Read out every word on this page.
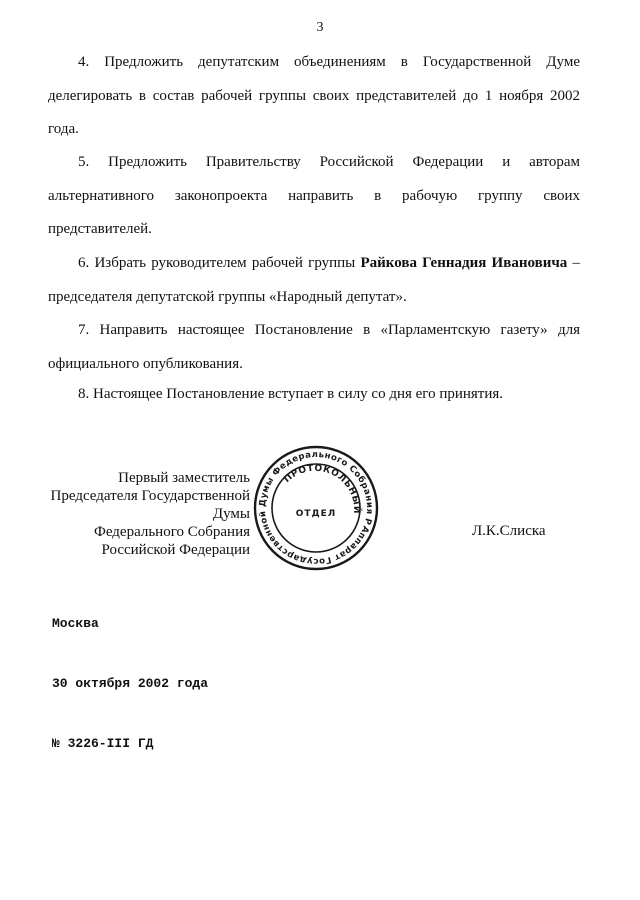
3
4. Предложить депутатским объединениям в Государственной Думе делегировать в состав рабочей группы своих представителей до 1 ноября 2002 года.
5. Предложить Правительству Российской Федерации и авторам альтернативного законопроекта направить в рабочую группу своих представителей.
6. Избрать руководителем рабочей группы Райкова Геннадия Ивановича – председателя депутатской группы «Народный депутат».
7. Направить настоящее Постановление в «Парламентскую газету» для официального опубликования.
8. Настоящее Постановление вступает в силу со дня его принятия.
Первый заместитель
Председателя Государственной Думы
Федерального Собрания
Российской Федерации
Аппарат Государственной Думы Федерального Собрания Российской
ПРОТОКОЛЬНЫЙ
ОТДЕЛ
Л.К.Слиска

Москва

30 октября 2002 года

№ 3226-III ГД
